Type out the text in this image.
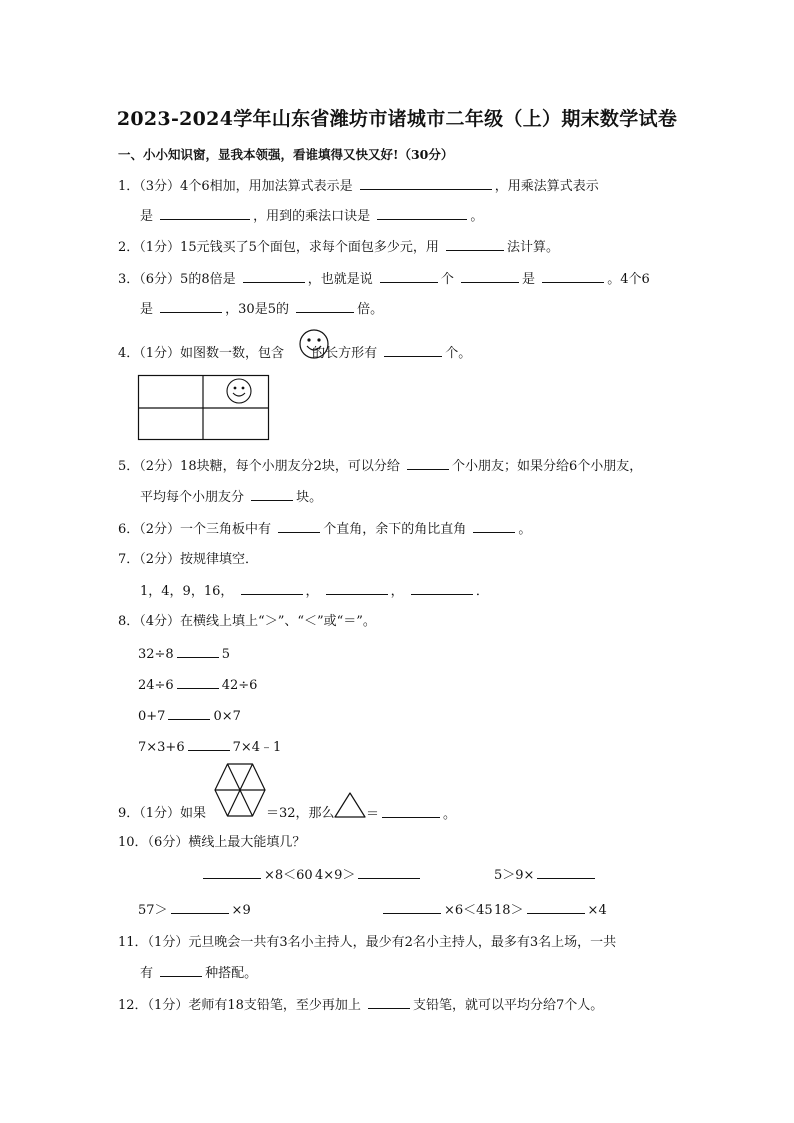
2023-2024学年山东省潍坊市诸城市二年级（上）期末数学试卷
一、小小知识窗，显我本领强，看谁填得又快又好!（30分）
1．（3分）4个6相加，用加法算式表示是	，用乘法算式表示
是	，用到的乘法口诀是	。
2．（1分）15元钱买了5个面包，求每个面包多少元，用	法计算。
3．（6分）5的8倍是	，也就是说	个	是	。4个6
是	，30是5的	倍。
4．（1分）如图数一数，包含 的长方形有	个。
5．（2分）18块糖，每个小朋友分2块，可以分给	个小朋友；如果分给6个小朋友，
平均每个小朋友分	块。
6．（2分）一个三角板中有	个直角，余下的角比直角	。
7．（2分）按规律填空．
1，4，9，16，	，	，	．
8．（4分）在横线上填上“＞”、“＜”或“＝”。
32÷8	5
24÷6	42÷6
0+7	0×7
7×3+6	7×4﹣1
9．（1分）如果	＝32，那么 ＝	。
10．（6分）横线上最大能填几？
×8＜60 4×9＞	5＞9×
57＞	×9	×6＜45 18＞	×4
11．（1分）元旦晚会一共有3名小主持人，最少有2名小主持人，最多有3名上场，一共
有	种搭配。
12．（1分）老师有18支铅笔，至少再加上	支铅笔，就可以平均分给7个人。
